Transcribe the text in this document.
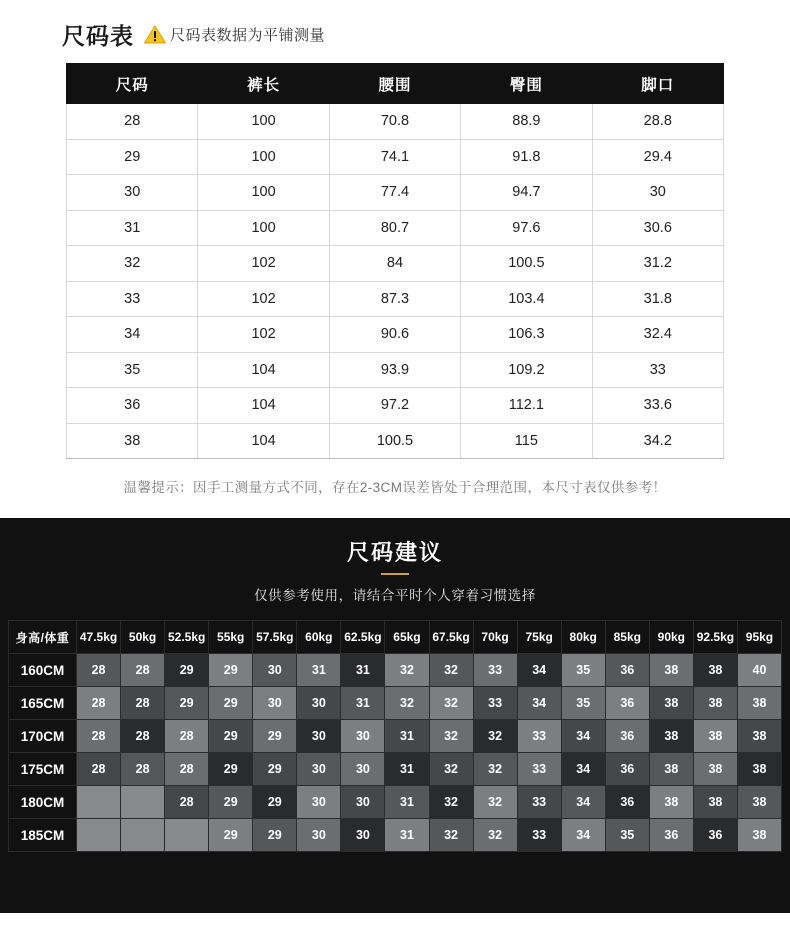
尺码表 尺码表数据为平铺测量
尺码	裤长	腰围	臀围	脚口
28	100	70.8	88.9	28.8
29	100	74.1	91.8	29.4
30	100	77.4	94.7	30
31	100	80.7	97.6	30.6
32	102	84	100.5	31.2
33	102	87.3	103.4	31.8
34	102	90.6	106.3	32.4
35	104	93.9	109.2	33
36	104	97.2	112.1	33.6
38	104	100.5	115	34.2
温馨提示：因手工测量方式不同，存在2-3CM误差皆处于合理范围，本尺寸表仅供参考！
尺码建议
仅供参考使用，请结合平时个人穿着习惯选择
身高/体重	47.5kg	50kg	52.5kg	55kg	57.5kg	60kg	62.5kg	65kg	67.5kg	70kg	75kg	80kg	85kg	90kg	92.5kg	95kg
160CM	28	28	29	29	30	31	31	32	32	33	34	35	36	38	38	40
165CM	28	28	29	29	30	30	31	32	32	33	34	35	36	38	38	38
170CM	28	28	28	29	29	30	30	31	32	32	33	34	36	38	38	38
175CM	28	28	28	29	29	30	30	31	32	32	33	34	36	38	38	38
180CM			28	29	29	30	30	31	32	32	33	34	36	38	38	38
185CM				29	29	30	30	31	32	32	33	34	35	36	36	38
